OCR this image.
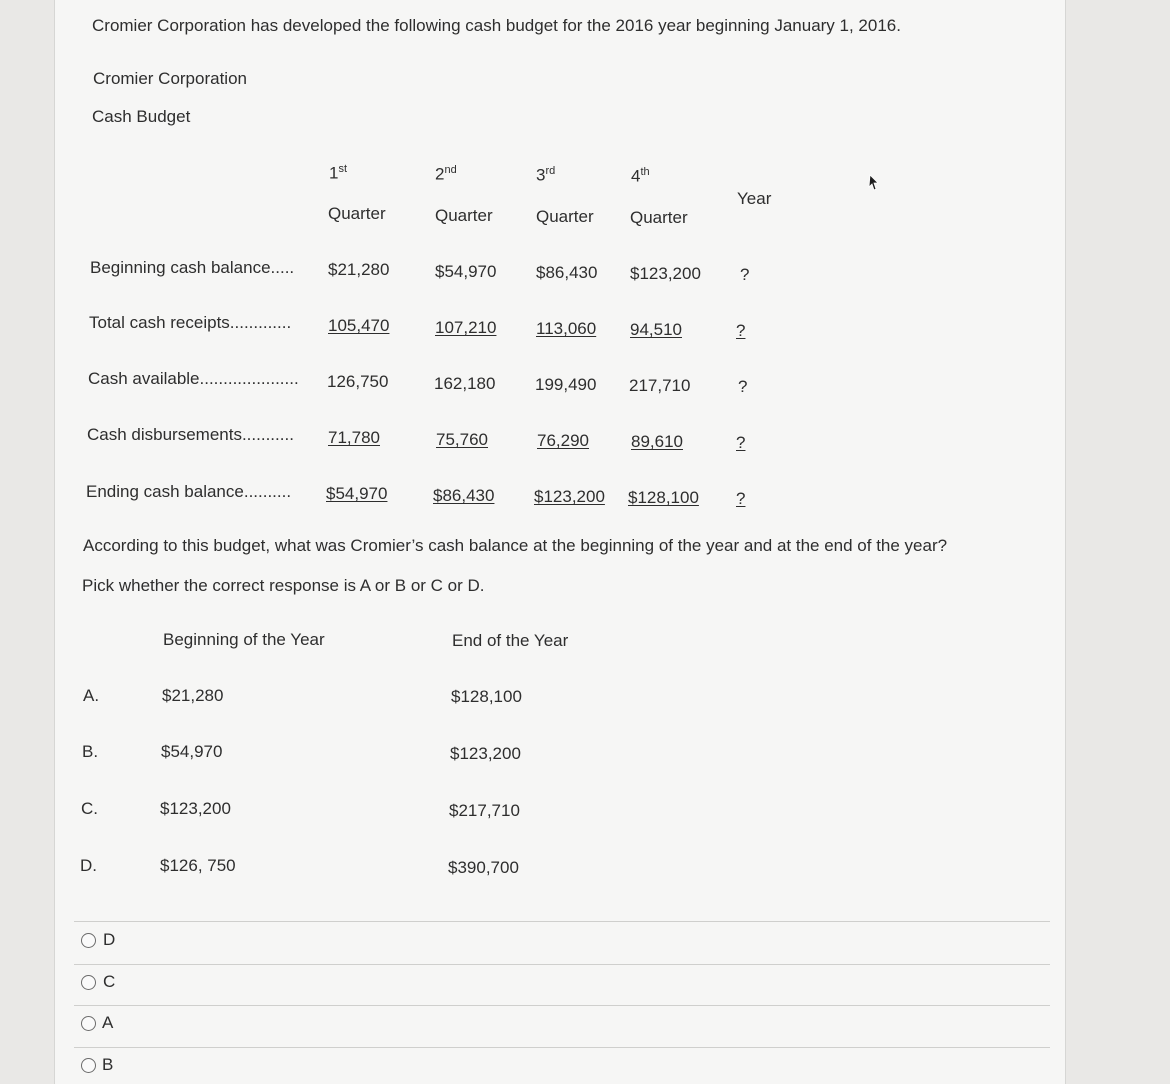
Cromier Corporation has developed the following cash budget for the 2016 year beginning January 1, 2016.
Cromier Corporation
Cash Budget
1st	2nd	3rd	4th
Quarter	Quarter	Quarter Quarter
Year
Beginning cash balance..... $21,280	$54,970 $86,430 $123,200 ?
Total cash receipts............. 105,470	107,210 113,060 94,510	?
Cash available..................... 126,750	162,180 199,490 217,710	?
Cash disbursements........... 71,780	75,760	76,290 89,610	?
Ending cash balance.......... $54,970	$86,430 $123,200 $128,100 ?
According to this budget, what was Cromier’s cash balance at the beginning of the year and at the end of the year?
Pick whether the correct response is A or B or C or D.
Beginning of the Year	End of the Year
A.	$21,280	$128,100
B.	$54,970	$123,200
C.	$123,200	$217,710
D.	$126, 750	$390,700
D
C
A
B
